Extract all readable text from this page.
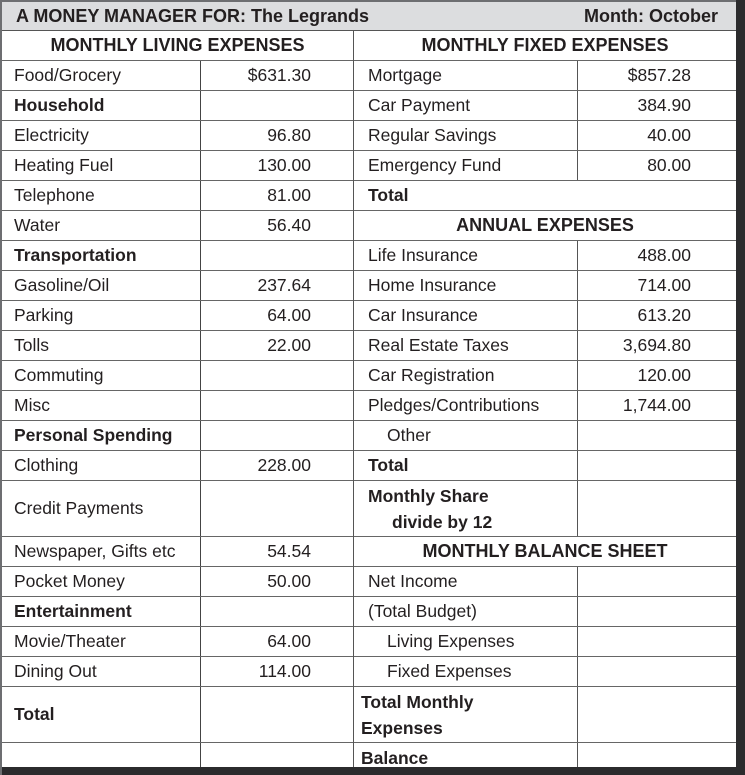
A MONEY MANAGER FOR: The Legrands	Month: October
MONTHLY LIVING EXPENSES
Food/Grocery	$631.30
Household
Electricity	96.80
Heating Fuel	130.00
Telephone	81.00
Water	56.40
Transportation
Gasoline/Oil	237.64
Parking	64.00
Tolls	22.00
Commuting
Misc
Personal Spending
Clothing	228.00
Credit Payments
Newspaper, Gifts etc	54.54
Pocket Money	50.00
Entertainment
Movie/Theater	64.00
Dining Out	114.00
Total
MONTHLY FIXED EXPENSES
Mortgage	$857.28
Car Payment	384.90
Regular Savings	40.00
Emergency Fund	80.00
Total
ANNUAL EXPENSES
Life Insurance	488.00
Home Insurance	714.00
Car Insurance	613.20
Real Estate Taxes	3,694.80
Car Registration	120.00
Pledges/Contributions	1,744.00
Other
Total
Monthly Share
divide by 12
MONTHLY BALANCE SHEET
Net Income
(Total Budget)
Living Expenses
Fixed Expenses
Total Monthly
Expenses
Balance
